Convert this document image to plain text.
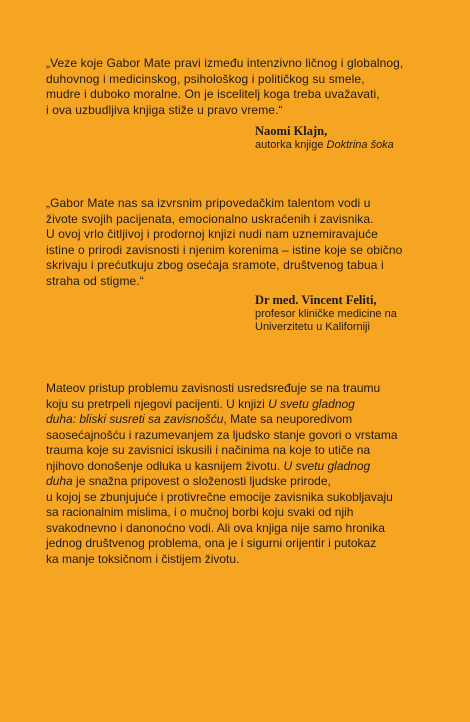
„Veze koje Gabor Mate pravi između intenzivno ličnog i globalnog,
duhovnog i medicinskog, psihološkog i političkog su smele,
mudre i duboko moralne. On je iscelitelj koga treba uvažavati,
i ova uzbudljiva knjiga stiže u pravo vreme.“
Naomi Klajn,
autorka knjige Doktrina šoka
„Gabor Mate nas sa izvrsnim pripovedačkim talentom vodi u
živote svojih pacijenata, emocionalno uskraćenih i zavisnika.
U ovoj vrlo čitljivoj i prodornoj knjizi nudi nam uznemiravajuće
istine o prirodi zavisnosti i njenim korenima – istine koje se obično
skrivaju i prećutkuju zbog osećaja sramote, društvenog tabua i
straha od stigme.“
Dr med. Vincent Feliti,
profesor kliničke medicine na
Univerzitetu u Kaliforniji
Mateov pristup problemu zavisnosti usredsređuje se na traumu
koju su pretrpeli njegovi pacijenti. U knjizi U svetu gladnog
duha: bliski susreti sa zavisnošću, Mate sa neuporedivom
saosećajnošću i razumevanjem za ljudsko stanje govori o vrstama
trauma koje su zavisnici iskusili i načinima na koje to utiče na
njihovo donošenje odluka u kasnijem životu. U svetu gladnog
duha je snažna pripovest o složenosti ljudske prirode,
u kojoj se zbunjujuće i protivrečne emocije zavisnika sukobljavaju
sa racionalnim mislima, i o mučnoj borbi koju svaki od njih
svakodnevno i danonoćno vodi. Ali ova knjiga nije samo hronika
jednog društvenog problema, ona je i sigurni orijentir i putokaz
ka manje toksičnom i čistijem životu.
